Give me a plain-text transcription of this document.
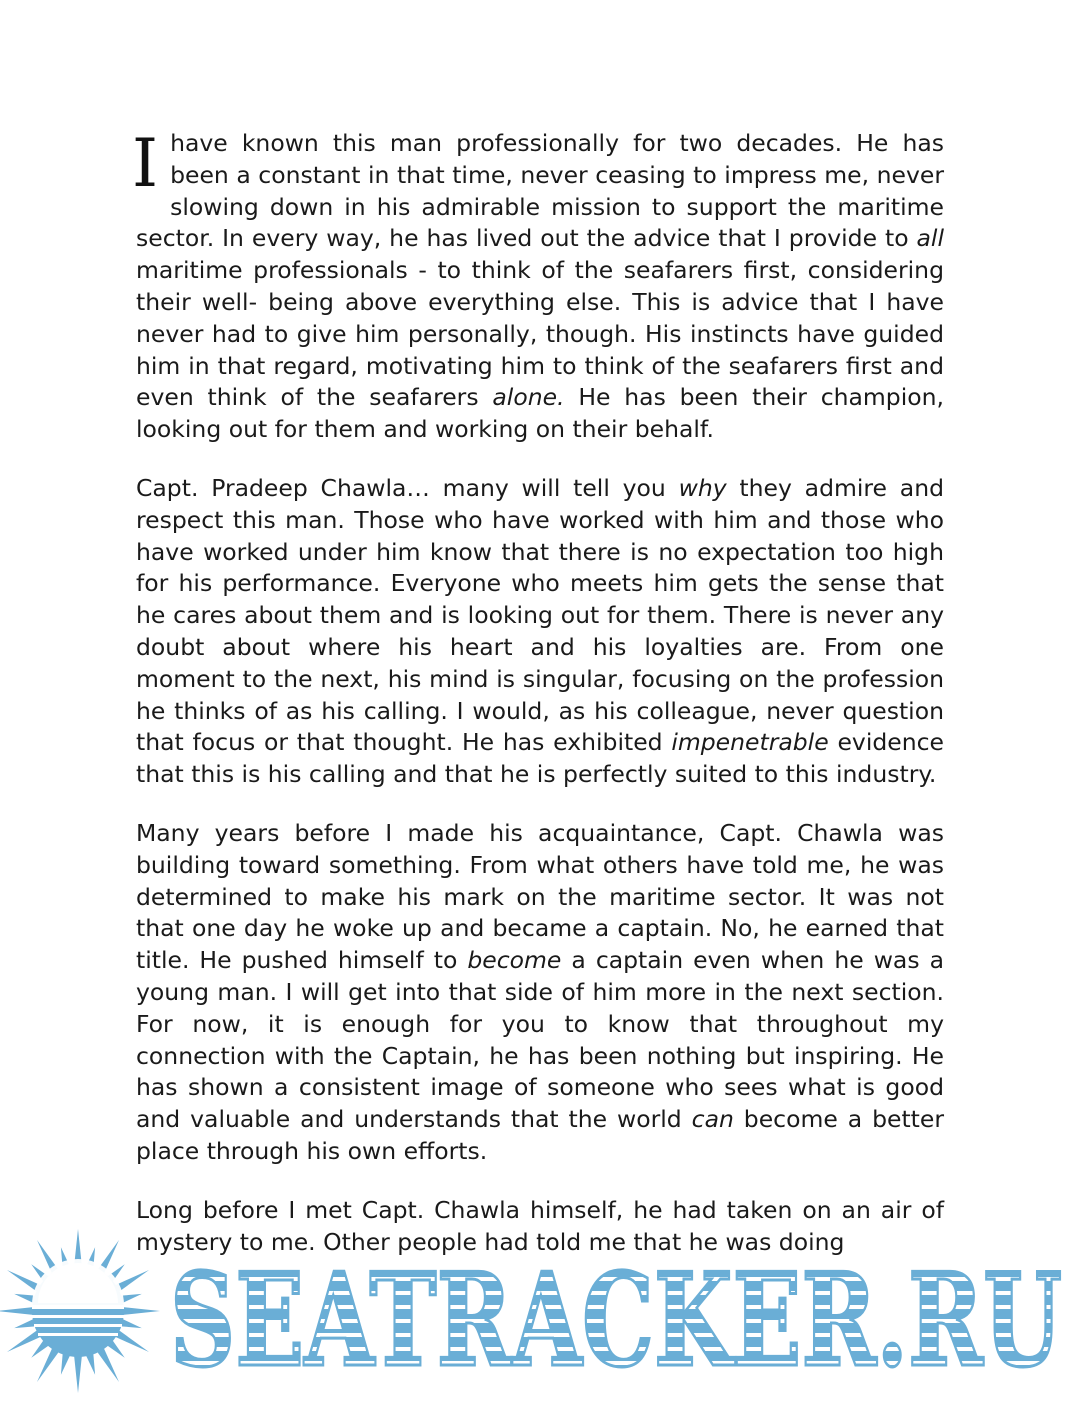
Ihave known this man professionally for two decades. He has been a constant in that time, never ceasing to impress me, never slowing down in his admirable mission to support the maritime sector. In every way, he has lived out the advice that I provide to all maritime professionals - to think of the seafarers first, considering their well- being above everything else. This is advice that I have never had to give him personally, though. His instincts have guided him in that regard, motivating him to think of the seafarers first and even think of the seafarers alone. He has been their champion, looking out for them and working on their behalf.

Capt. Pradeep Chawla… many will tell you why they admire and respect this man. Those who have worked with him and those who have worked under him know that there is no expectation too high for his performance. Everyone who meets him gets the sense that he cares about them and is looking out for them. There is never any doubt about where his heart and his loyalties are. From one moment to the next, his mind is singular, focusing on the profession he thinks of as his calling. I would, as his colleague, never question that focus or that thought. He has exhibited impenetrable evidence that this is his calling and that he is perfectly suited to this industry.

Many years before I made his acquaintance, Capt. Chawla was building toward something. From what others have told me, he was determined to make his mark on the maritime sector. It was not that one day he woke up and became a captain. No, he earned that title. He pushed himself to become a captain even when he was a young man. I will get into that side of him more in the next section. For now, it is enough for you to know that throughout my connection with the Captain, he has been nothing but inspiring. He has shown a consistent image of someone who sees what is good and valuable and understands that the world can become a better place through his own efforts.

Long before I met Capt. Chawla himself, he had taken on an air of mystery to me. Other people had told me that he was doing

SEATRACKER.RU
